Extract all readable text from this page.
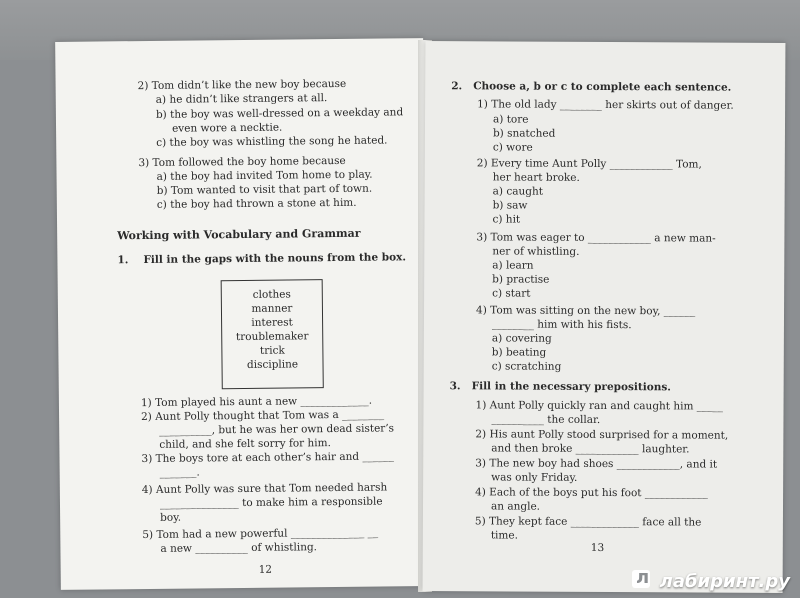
2) Tom didn’t like the new boy because
a) he didn’t like strangers at all.
b) the boy was well-dressed on a weekday and
even wore a necktie.
c) the boy was whistling the song he hated.
3) Tom followed the boy home because
a) the boy had invited Tom home to play.
b) Tom wanted to visit that part of town.
c) the boy had thrown a stone at him.
Working with Vocabulary and Grammar
1. Fill in the gaps with the nouns from the box.
clothes
manner
interest
troublemaker
trick
discipline
1) Tom played his aunt a new _____________.
2) Aunt Polly thought that Tom was a ________
__________, but he was her own dead sister’s
child, and she felt sorry for him.
3) The boys tore at each other’s hair and ______
_______.
4) Aunt Polly was sure that Tom needed harsh
_______________ to make him a responsible
boy.
5) Tom had a new powerful ______________ __
a new __________ of whistling.
12
2. Choose a, b or c to complete each sentence.
1) The old lady ________ her skirts out of danger.
a) tore
b) snatched
c) wore
2) Every time Aunt Polly ____________ Tom,
her heart broke.
a) caught
b) saw
c) hit
3) Tom was eager to ____________ a new man-
ner of whistling.
a) learn
b) practise
c) start
4) Tom was sitting on the new boy, ______
________ him with his fists.
a) covering
b) beating
c) scratching
3. Fill in the necessary prepositions.
1) Aunt Polly quickly ran and caught him _____
__________ the collar.
2) His aunt Polly stood surprised for a moment,
and then broke ____________ laughter.
3) The new boy had shoes ____________, and it
was only Friday.
4) Each of the boys put his foot ____________
an angle.
5) They kept face _____________ face all the
time.
13
л лабиринт.ру
